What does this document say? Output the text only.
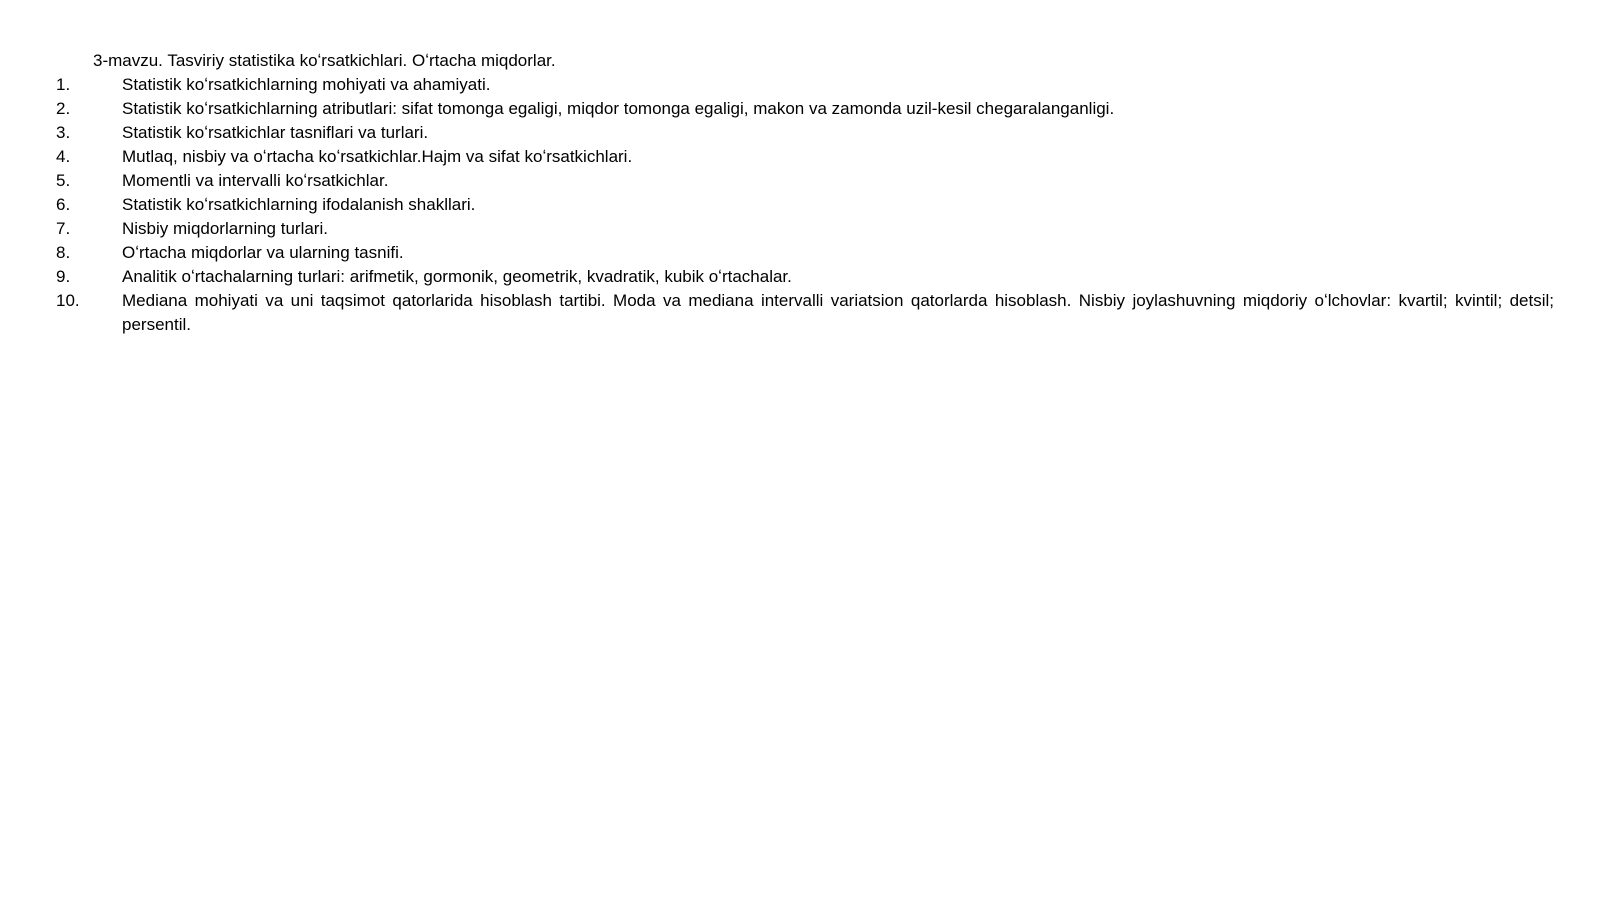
3-mavzu. Tasviriy statistika koʻrsatkichlari. Oʻrtacha miqdorlar.
1.	Statistik koʻrsatkichlarning mohiyati va ahamiyati.
2.	Statistik koʻrsatkichlarning atributlari: sifat tomonga egaligi, miqdor tomonga egaligi, makon va zamonda uzil-kesil chegaralanganligi.
3.	Statistik koʻrsatkichlar tasniflari va turlari.
4.	Mutlaq, nisbiy va oʻrtacha koʻrsatkichlar.Hajm va sifat koʻrsatkichlari.
5.	Momentli va intervalli koʻrsatkichlar.
6.	Statistik koʻrsatkichlarning ifodalanish shakllari.
7.	Nisbiy miqdorlarning turlari.
8.	Oʻrtacha miqdorlar va ularning tasnifi.
9.	Analitik oʻrtachalarning turlari: arifmetik, gormonik, geometrik, kvadratik, kubik oʻrtachalar.
10.	Mediana mohiyati va uni taqsimot qatorlarida hisoblash tartibi. Moda va mediana intervalli variatsion qatorlarda hisoblash. Nisbiy joylashuvning miqdoriy oʻlchovlar: kvartil; kvintil; detsil; persentil.
